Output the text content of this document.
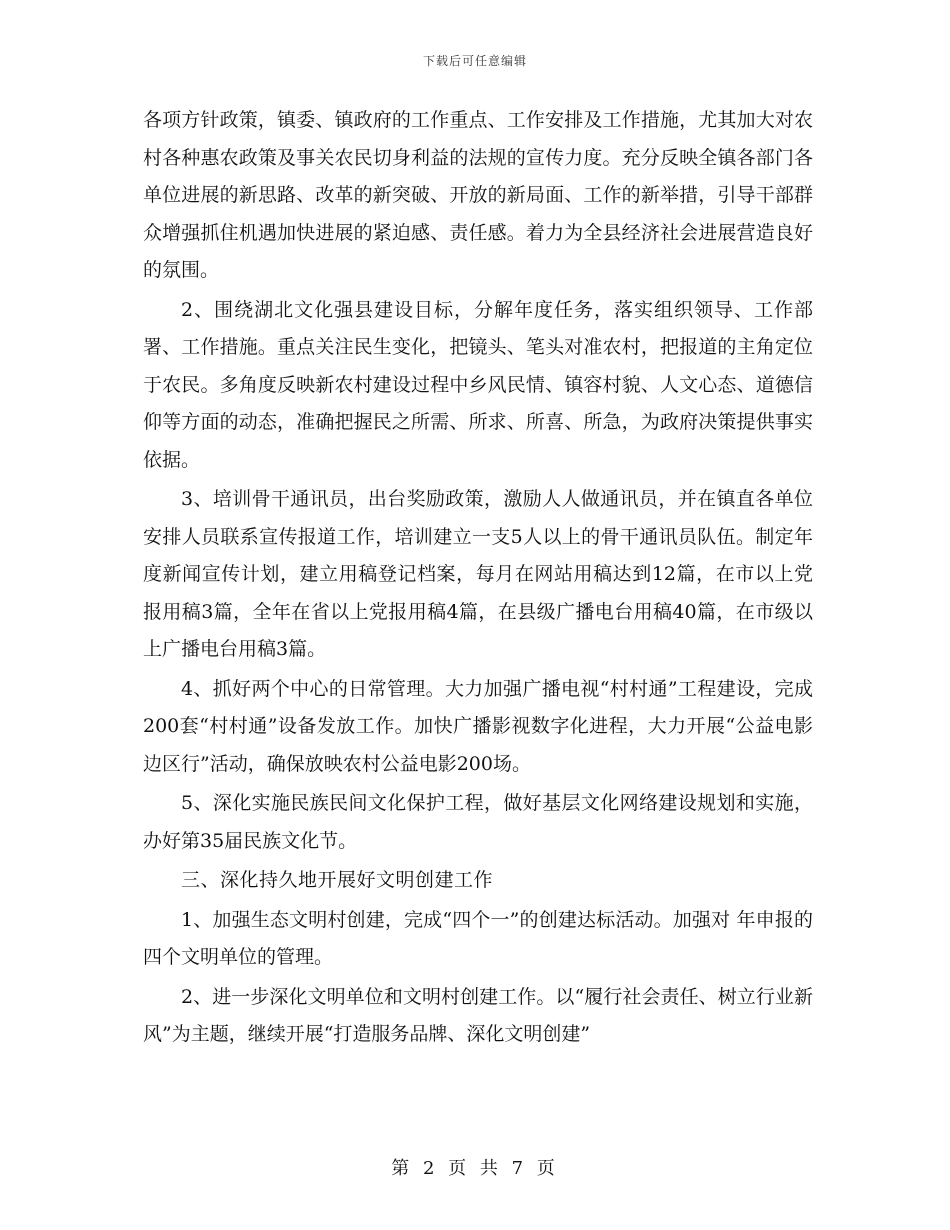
下载后可任意编辑

各项方针政策，镇委、镇政府的工作重点、工作安排及工作措施，尤其加大对农村各种惠农政策及事关农民切身利益的法规的宣传力度。充分反映全镇各部门各单位进展的新思路、改革的新突破、开放的新局面、工作的新举措，引导干部群众增强抓住机遇加快进展的紧迫感、责任感。着力为全县经济社会进展营造良好的氛围。

2、围绕湖北文化强县建设目标，分解年度任务，落实组织领导、工作部署、工作措施。重点关注民生变化，把镜头、笔头对准农村，把报道的主角定位于农民。多角度反映新农村建设过程中乡风民情、镇容村貌、人文心态、道德信仰等方面的动态，准确把握民之所需、所求、所喜、所急，为政府决策提供事实依据。

3、培训骨干通讯员，出台奖励政策，激励人人做通讯员，并在镇直各单位安排人员联系宣传报道工作，培训建立一支5人以上的骨干通讯员队伍。制定年度新闻宣传计划，建立用稿登记档案，每月在网站用稿达到12篇，在市以上党报用稿3篇，全年在省以上党报用稿4篇，在县级广播电台用稿40篇，在市级以上广播电台用稿3篇。

4、抓好两个中心的日常管理。大力加强广播电视“村村通”工程建设，完成200套“村村通”设备发放工作。加快广播影视数字化进程，大力开展“公益电影边区行”活动，确保放映农村公益电影200场。

5、深化实施民族民间文化保护工程，做好基层文化网络建设规划和实施，办好第35届民族文化节。

三、深化持久地开展好文明创建工作

1、加强生态文明村创建，完成“四个一”的创建达标活动。加强对 年申报的四个文明单位的管理。

2、进一步深化文明单位和文明村创建工作。以“履行社会责任、树立行业新风”为主题，继续开展“打造服务品牌、深化文明创建”

第 2 页 共 7 页
